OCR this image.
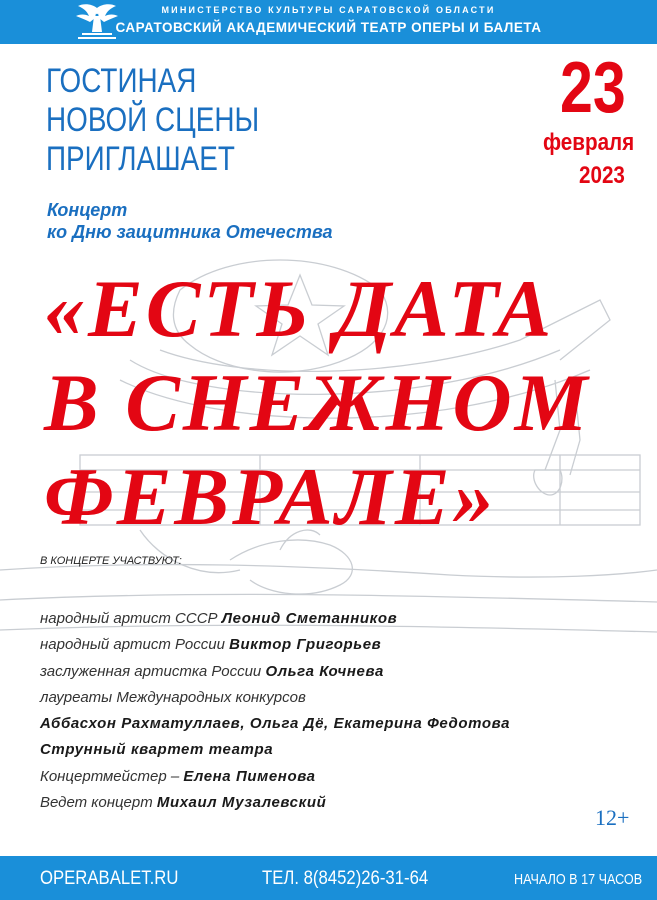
МИНИСТЕРСТВО КУЛЬТУРЫ САРАТОВСКОЙ ОБЛАСТИ
САРАТОВСКИЙ АКАДЕМИЧЕСКИЙ ТЕАТР ОПЕРЫ И БАЛЕТА
ГОСТИНАЯ
НОВОЙ СЦЕНЫ
ПРИГЛАШАЕТ
23
февраля
2023
Концерт
ко Дню защитника Отечества
«ЕСТЬ ДАТА
В СНЕЖНОМ
ФЕВРАЛЕ»
В КОНЦЕРТЕ УЧАСТВУЮТ:
народный артист СССР Леонид Сметанников
народный артист России Виктор Григорьев
заслуженная артистка России Ольга Кочнева
лауреаты Международных конкурсов
Аббасхон Рахматуллаев, Ольга Дё, Екатерина Федотова
Струнный квартет театра
Концертмейстер – Елена Пименова
Ведет концерт Михаил Музалевский
12+
OPERABALET.RU	ТЕЛ. 8(8452)26-31-64	НАЧАЛО В 17 ЧАСОВ
